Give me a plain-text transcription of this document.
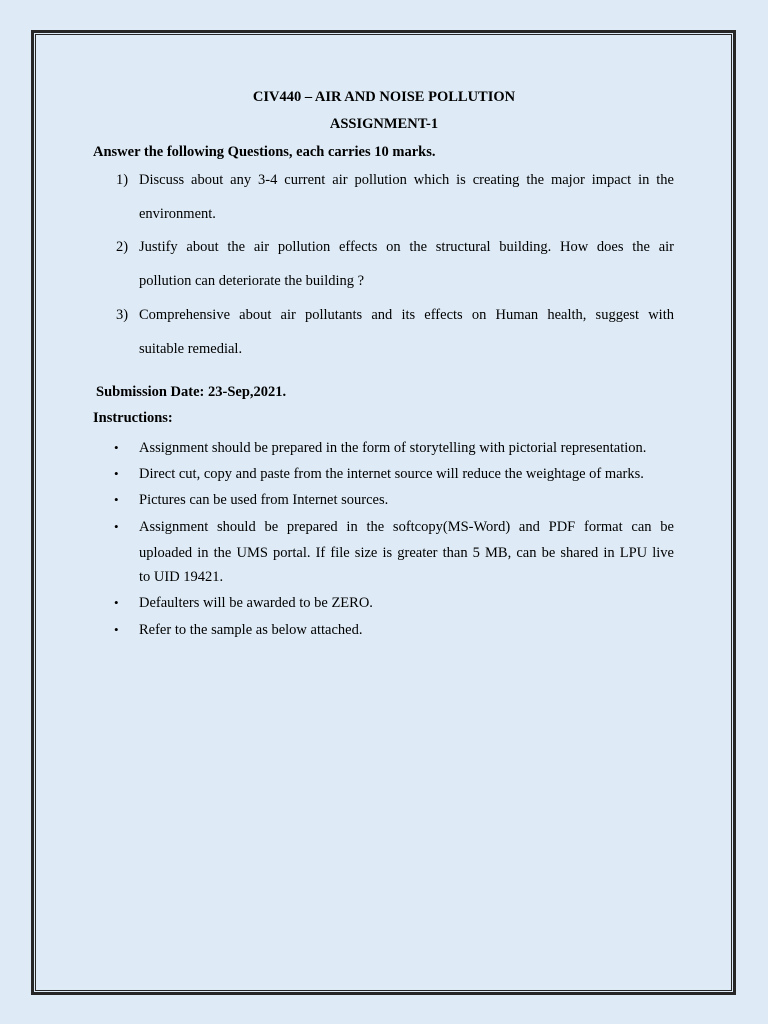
CIV440 – AIR AND NOISE POLLUTION
ASSIGNMENT-1
Answer the following Questions, each carries 10 marks.
1) Discuss about any 3-4 current air pollution which is creating the major impact in the
environment.
2) Justify about the air pollution effects on the structural building. How does the air
pollution can deteriorate the building ?
3) Comprehensive about air pollutants and its effects on Human health, suggest with
suitable remedial.
Submission Date: 23-Sep,2021.
Instructions:
•	Assignment should be prepared in the form of storytelling with pictorial representation.
•	Direct cut, copy and paste from the internet source will reduce the weightage of marks.
•	Pictures can be used from Internet sources.
•	Assignment should be prepared in the softcopy(MS-Word) and PDF format can be
uploaded in the UMS portal. If file size is greater than 5 MB, can be shared in LPU live
to UID 19421.
•	Defaulters will be awarded to be ZERO.
•	Refer to the sample as below attached.
